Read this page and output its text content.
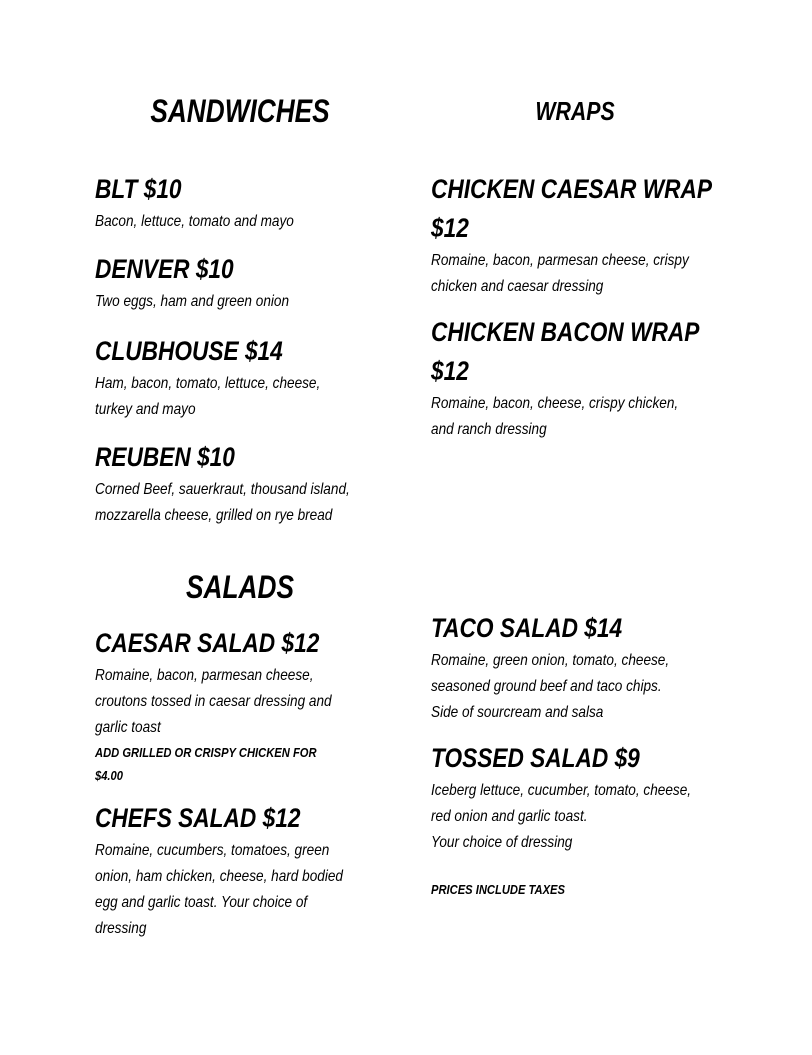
SANDWICHES	WRAPS
BLT $10

Bacon, lettuce, tomato and mayo

DENVER $10

Two eggs, ham and green onion

CLUBHOUSE $14

Ham, bacon, tomato, lettuce, cheese,
turkey and mayo

REUBEN $10

Corned Beef, sauerkraut, thousand island,
mozzarella cheese, grilled on rye bread

CHICKEN CAESAR WRAP
$12

Romaine, bacon, parmesan cheese, crispy
chicken and caesar dressing

CHICKEN BACON WRAP
$12

Romaine, bacon, cheese, crispy chicken,
and ranch dressing

SALADS
CAESAR SALAD $12

Romaine, bacon, parmesan cheese,
croutons tossed in caesar dressing and
garlic toast

ADD GRILLED OR CRISPY CHICKEN FOR
$4.00

CHEFS SALAD $12

Romaine, cucumbers, tomatoes, green
onion, ham chicken, cheese, hard bodied
egg and garlic toast. Your choice of
dressing

TACO SALAD $14

Romaine, green onion, tomato, cheese,
seasoned ground beef and taco chips.
Side of sourcream and salsa

TOSSED SALAD $9

Iceberg lettuce, cucumber, tomato, cheese,
red onion and garlic toast.
Your choice of dressing

PRICES INCLUDE TAXES
